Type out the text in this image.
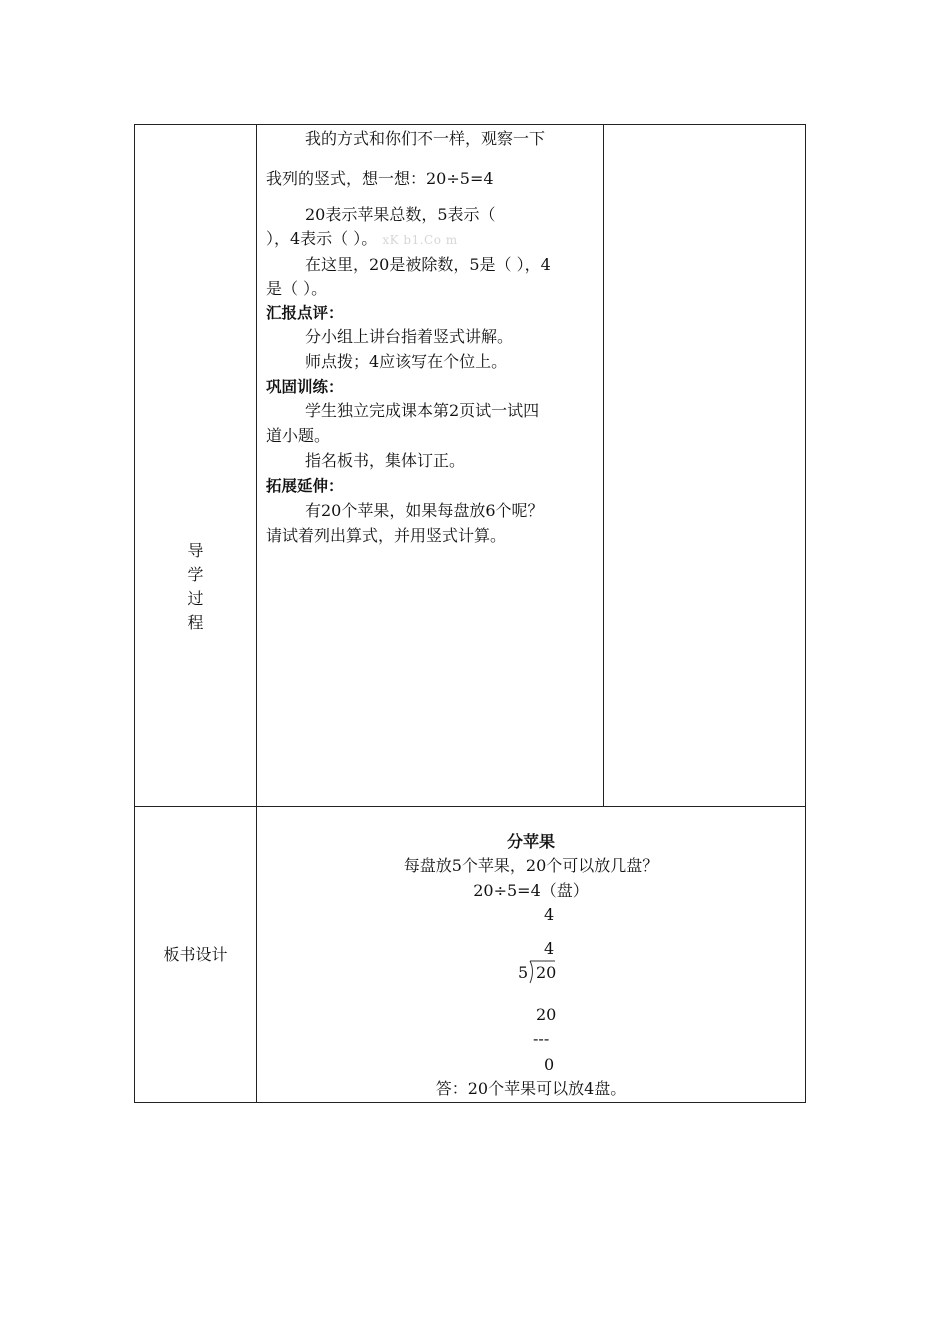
导
学
过
程
我的方式和你们不一样，观察一下
我列的竖式，想一想：20÷5=4
20表示苹果总数，5表示（
），4表示（ ）。 xK b1.Co m
在这里，20是被除数，5是（ ），4
是（ ）。
汇报点评：
分小组上讲台指着竖式讲解。
师点拨；4应该写在个位上。
巩固训练：
学生独立完成课本第2页试一试四
道小题。
指名板书，集体订正。
拓展延伸：
有20个苹果，如果每盘放6个呢？
请试着列出算式，并用竖式计算。
板书设计
分苹果
每盘放5个苹果，20个可以放几盘？
20÷5=4（盘）
4
4
5 20
20
---
0
答：20个苹果可以放4盘。
